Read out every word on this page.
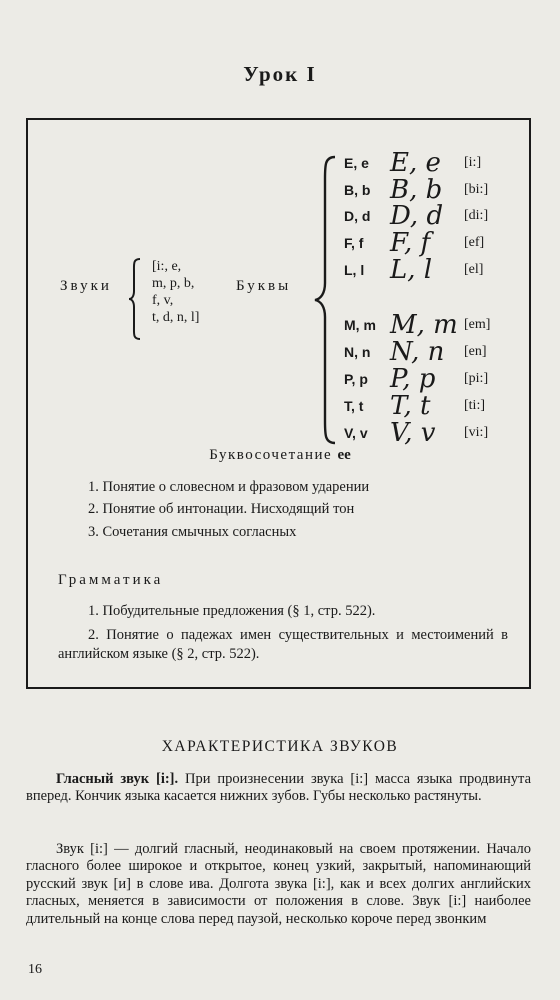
Урок I
Звуки
[i:, e,
m, p, b,
f, v,
t, d, n, l]
Буквы
E, e E, e [i:]
B, b B, b [bi:]
D, d D, d [di:]
F, f F, f [ef]
L, l L, l [el]
M, m M, m [em]
N, n N, n [en]
P, p P, p [pi:]
T, t T, t [ti:]
V, v V, v [vi:]
Буквосочетание ee
1. Понятие о словесном и фразовом ударении
2. Понятие об интонации. Нисходящий тон
3. Сочетания смычных согласных
Грамматика
1. Побудительные предложения (§ 1, стр. 522).
2. Понятие о падежах имен существительных и местоимений в английском языке (§ 2, стр. 522).
ХАРАКТЕРИСТИКА ЗВУКОВ
Гласный звук [i:]. При произнесении звука [i:] масса языка продвинута вперед. Кончик языка касается нижних зубов. Губы несколько растянуты.
Звук [i:] — долгий гласный, неодинаковый на своем протяжении. Начало гласного более широкое и открытое, конец узкий, закрытый, напоминающий русский звук [и] в слове ива. Долгота звука [i:], как и всех долгих английских гласных, меняется в зависимости от положения в слове. Звук [i:] наиболее длительный на конце слова перед паузой, несколько короче перед звонким
16
